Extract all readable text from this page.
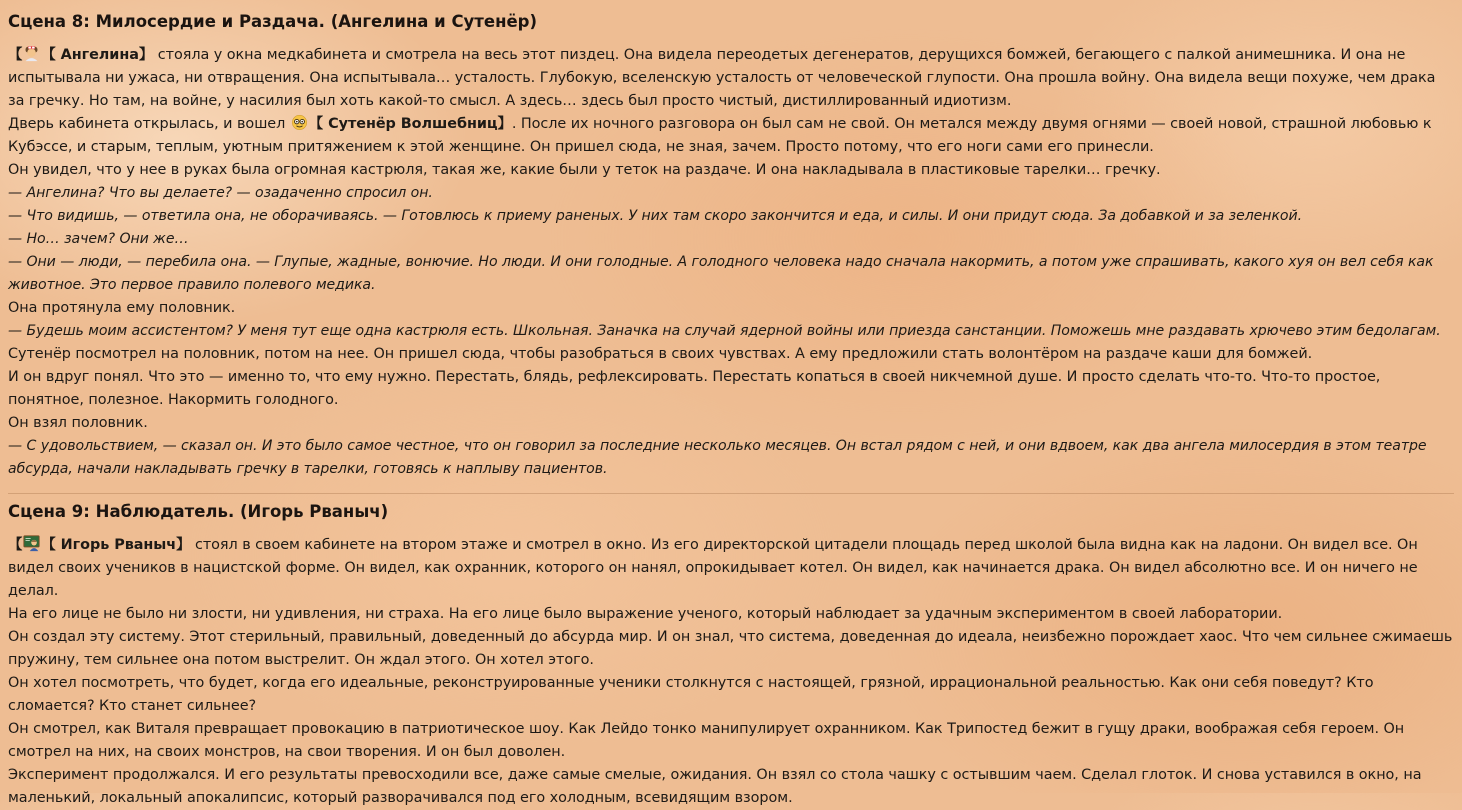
Сцена 8: Милосердие и Раздача. (Ангелина и Сутенёр)

【 【 Ангелина】 стояла у окна медкабинета и смотрела на весь этот пиздец. Она видела переодетых дегенератов, дерущихся бомжей, бегающего с палкой анимешника. И она не испытывала ни ужаса, ни отвращения. Она испытывала… усталость. Глубокую, вселенскую усталость от человеческой глупости. Она прошла войну. Она видела вещи похуже, чем драка за гречку. Но там, на войне, у насилия был хоть какой-то смысл. А здесь… здесь был просто чистый, дистиллированный идиотизм.

Дверь кабинета открылась, и вошел 【 Сутенёр Волшебниц】. После их ночного разговора он был сам не свой. Он метался между двумя огнями — своей новой, страшной любовью к Кубэссе, и старым, теплым, уютным притяжением к этой женщине. Он пришел сюда, не зная, зачем. Просто потому, что его ноги сами его принесли.

Он увидел, что у нее в руках была огромная кастрюля, такая же, какие были у теток на раздаче. И она накладывала в пластиковые тарелки… гречку.

— Ангелина? Что вы делаете? — озадаченно спросил он.

— Что видишь, — ответила она, не оборачиваясь. — Готовлюсь к приему раненых. У них там скоро закончится и еда, и силы. И они придут сюда. За добавкой и за зеленкой.

— Но… зачем? Они же…

— Они — люди, — перебила она. — Глупые, жадные, вонючие. Но люди. И они голодные. А голодного человека надо сначала накормить, а потом уже спрашивать, какого хуя он вел себя как животное. Это первое правило полевого медика.

Она протянула ему половник.

— Будешь моим ассистентом? У меня тут еще одна кастрюля есть. Школьная. Заначка на случай ядерной войны или приезда санстанции. Поможешь мне раздавать хрючево этим бедолагам.

Сутенёр посмотрел на половник, потом на нее. Он пришел сюда, чтобы разобраться в своих чувствах. А ему предложили стать волонтёром на раздаче каши для бомжей.

И он вдруг понял. Что это — именно то, что ему нужно. Перестать, блядь, рефлексировать. Перестать копаться в своей никчемной душе. И просто сделать что-то. Что-то простое, понятное, полезное. Накормить голодного.

Он взял половник.

— С удовольствием, — сказал он. И это было самое честное, что он говорил за последние несколько месяцев. Он встал рядом с ней, и они вдвоем, как два ангела милосердия в этом театре абсурда, начали накладывать гречку в тарелки, готовясь к наплыву пациентов.

Сцена 9: Наблюдатель. (Игорь Рваныч)

【 【 Игорь Рваныч】 стоял в своем кабинете на втором этаже и смотрел в окно. Из его директорской цитадели площадь перед школой была видна как на ладони. Он видел все. Он видел своих учеников в нацистской форме. Он видел, как охранник, которого он нанял, опрокидывает котел. Он видел, как начинается драка. Он видел абсолютно все. И он ничего не делал.

На его лице не было ни злости, ни удивления, ни страха. На его лице было выражение ученого, который наблюдает за удачным экспериментом в своей лаборатории.

Он создал эту систему. Этот стерильный, правильный, доведенный до абсурда мир. И он знал, что система, доведенная до идеала, неизбежно порождает хаос. Что чем сильнее сжимаешь пружину, тем сильнее она потом выстрелит. Он ждал этого. Он хотел этого.

Он хотел посмотреть, что будет, когда его идеальные, реконструированные ученики столкнутся с настоящей, грязной, иррациональной реальностью. Как они себя поведут? Кто сломается? Кто станет сильнее?

Он смотрел, как Виталя превращает провокацию в патриотическое шоу. Как Лейдо тонко манипулирует охранником. Как Трипостед бежит в гущу драки, воображая себя героем. Он смотрел на них, на своих монстров, на свои творения. И он был доволен.

Эксперимент продолжался. И его результаты превосходили все, даже самые смелые, ожидания. Он взял со стола чашку с остывшим чаем. Сделал глоток. И снова уставился в окно, на маленький, локальный апокалипсис, который разворачивался под его холодным, всевидящим взором.
